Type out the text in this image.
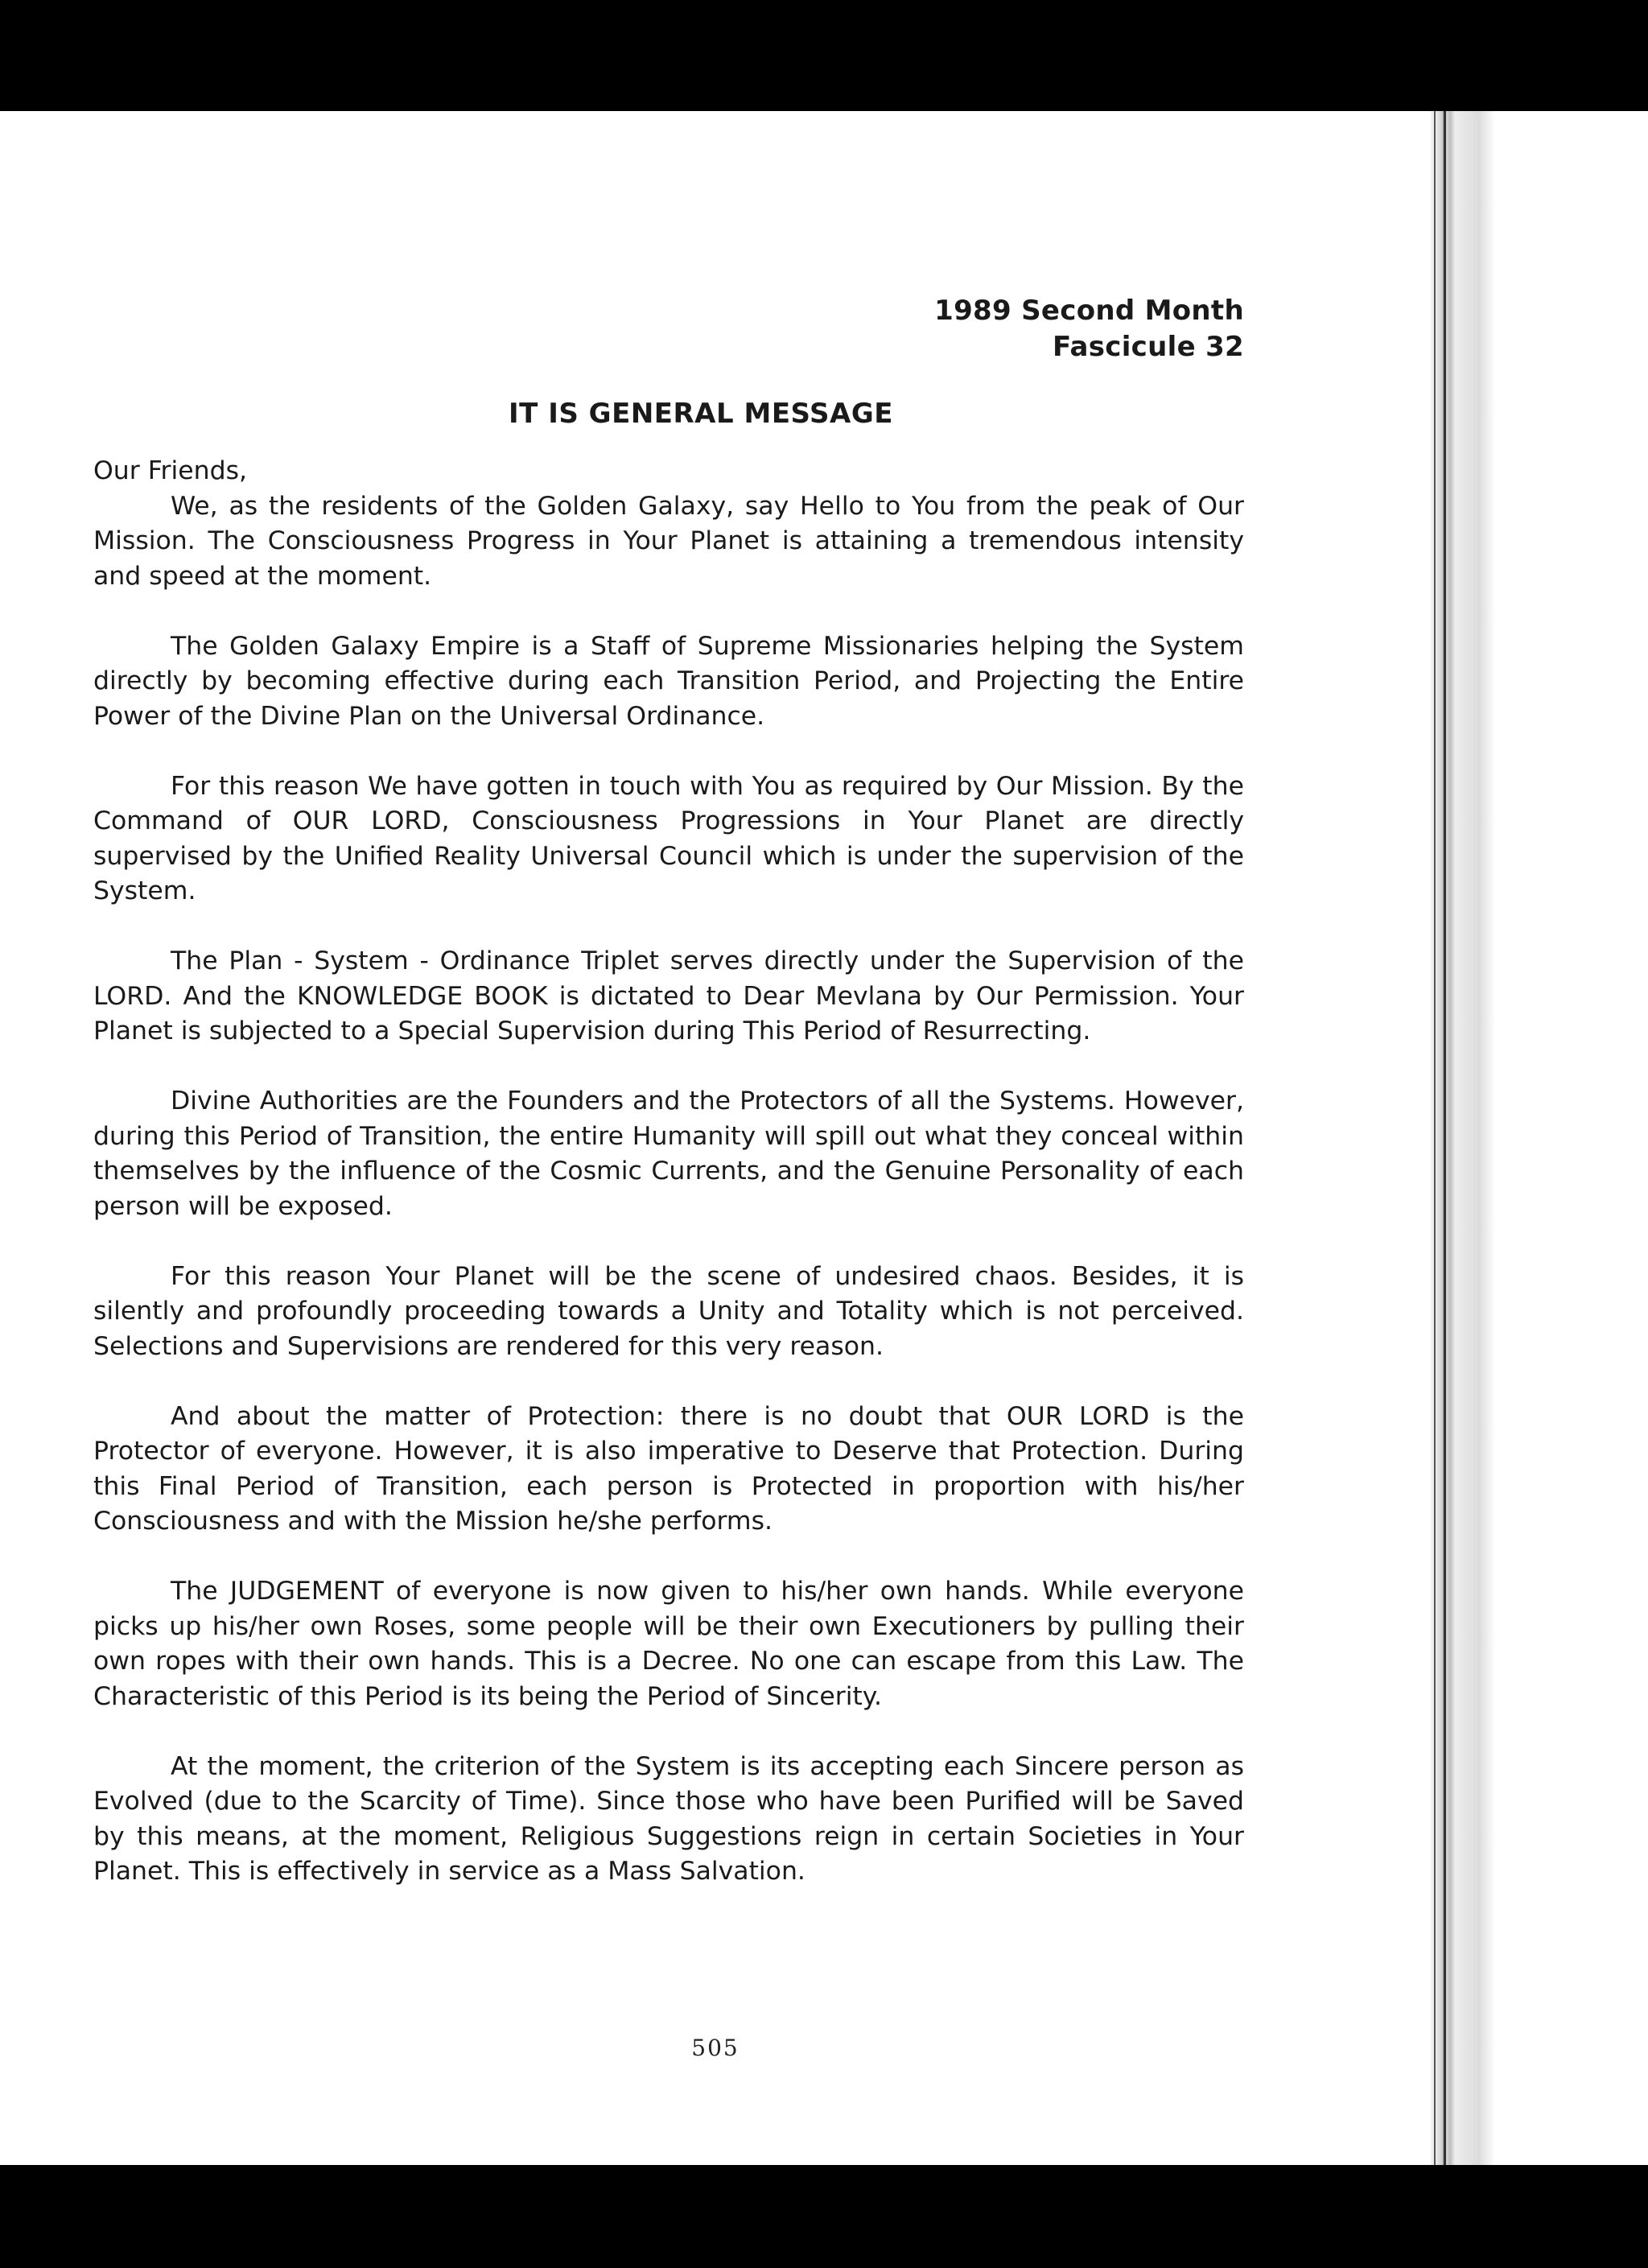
1989 Second Month
Fascicule 32
IT IS GENERAL MESSAGE

Our Friends,

We, as the residents of the Golden Galaxy, say Hello to You from the peak of Our Mission. The Consciousness Progress in Your Planet is attaining a tremendous intensity and speed at the moment.

The Golden Galaxy Empire is a Staff of Supreme Missionaries helping the System directly by becoming effective during each Transition Period, and Projecting the Entire Power of the Divine Plan on the Universal Ordinance.

For this reason We have gotten in touch with You as required by Our Mission. By the Command of OUR LORD, Consciousness Progressions in Your Planet are directly supervised by the Unified Reality Universal Council which is under the supervision of the System.

The Plan - System - Ordinance Triplet serves directly under the Supervision of the LORD. And the KNOWLEDGE BOOK is dictated to Dear Mevlana by Our Permission. Your Planet is subjected to a Special Supervision during This Period of Resurrecting.

Divine Authorities are the Founders and the Protectors of all the Systems. However, during this Period of Transition, the entire Humanity will spill out what they conceal within themselves by the influence of the Cosmic Currents, and the Genuine Personality of each person will be exposed.

For this reason Your Planet will be the scene of undesired chaos. Besides, it is silently and profoundly proceeding towards a Unity and Totality which is not perceived. Selections and Supervisions are rendered for this very reason.

And about the matter of Protection: there is no doubt that OUR LORD is the Protector of everyone. However, it is also imperative to Deserve that Protection. During this Final Period of Transition, each person is Protected in proportion with his/her Consciousness and with the Mission he/she performs.

The JUDGEMENT of everyone is now given to his/her own hands. While everyone picks up his/her own Roses, some people will be their own Executioners by pulling their own ropes with their own hands. This is a Decree. No one can escape from this Law. The Characteristic of this Period is its being the Period of Sincerity.

At the moment, the criterion of the System is its accepting each Sincere person as Evolved (due to the Scarcity of Time). Since those who have been Purified will be Saved by this means, at the moment, Religious Suggestions reign in certain Societies in Your Planet. This is effectively in service as a Mass Salvation.

505
